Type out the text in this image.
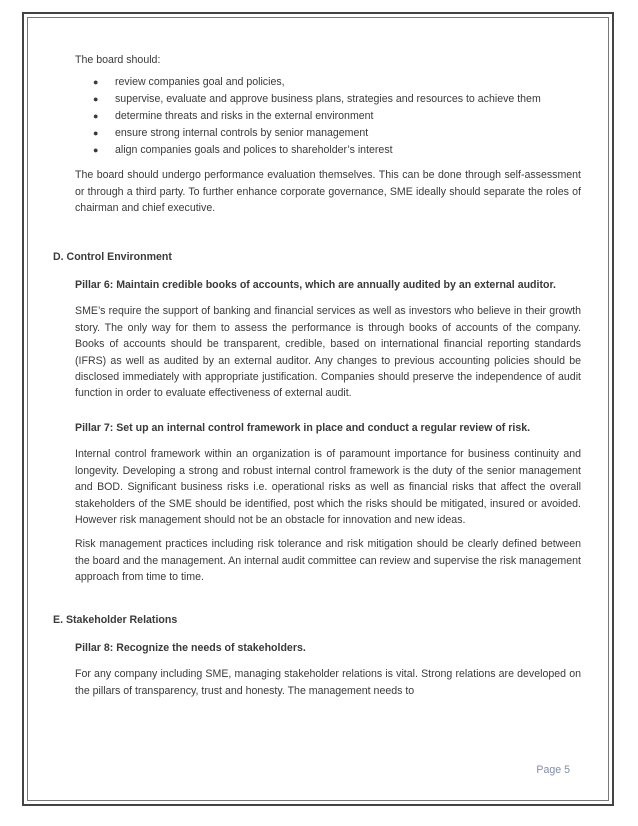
The board should:

● review companies goal and policies,
● supervise, evaluate and approve business plans, strategies and resources to achieve them
● determine threats and risks in the external environment
● ensure strong internal controls by senior management
● align companies goals and polices to shareholder’s interest

The board should undergo performance evaluation themselves. This can be done through self-assessment or through a third party. To further enhance corporate governance, SME ideally should separate the roles of chairman and chief executive.

D. Control Environment
Pillar 6: Maintain credible books of accounts, which are annually audited by an external auditor.

SME’s require the support of banking and financial services as well as investors who believe in their growth story. The only way for them to assess the performance is through books of accounts of the company. Books of accounts should be transparent, credible, based on international financial reporting standards (IFRS) as well as audited by an external auditor. Any changes to previous accounting policies should be disclosed immediately with appropriate justification. Companies should preserve the independence of audit function in order to evaluate effectiveness of external audit.

Pillar 7: Set up an internal control framework in place and conduct a regular review of risk.

Internal control framework within an organization is of paramount importance for business continuity and longevity. Developing a strong and robust internal control framework is the duty of the senior management and BOD. Significant business risks i.e. operational risks as well as financial risks that affect the overall stakeholders of the SME should be identified, post which the risks should be mitigated, insured or avoided. However risk management should not be an obstacle for innovation and new ideas.

Risk management practices including risk tolerance and risk mitigation should be clearly defined between the board and the management. An internal audit committee can review and supervise the risk management approach from time to time.

E. Stakeholder Relations
Pillar 8: Recognize the needs of stakeholders.

For any company including SME, managing stakeholder relations is vital. Strong relations are developed on the pillars of transparency, trust and honesty. The management needs to

Page 5
